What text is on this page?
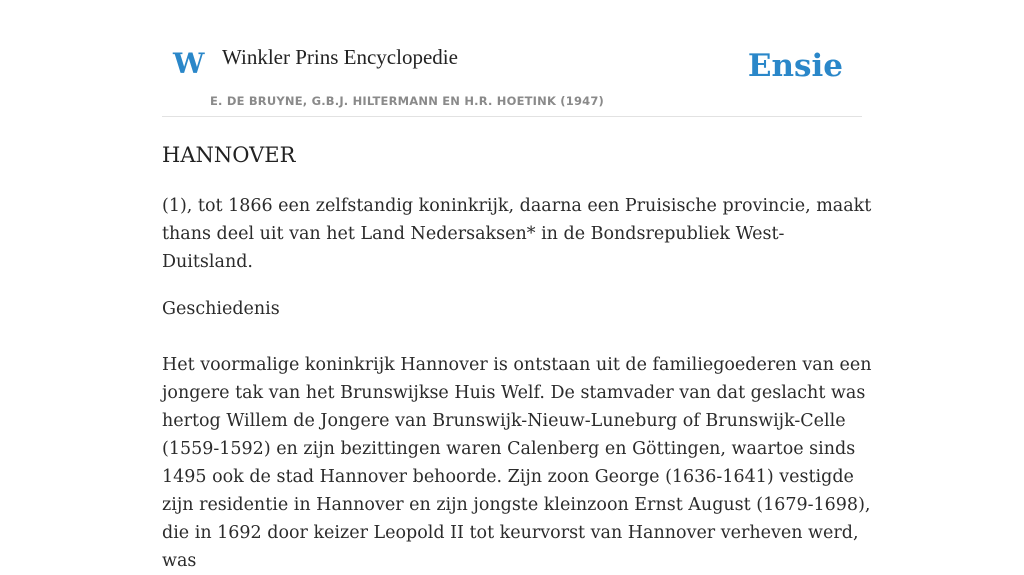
W Winkler Prins Encyclopedie
E. DE BRUYNE, G.B.J. HILTERMANN EN H.R. HOETINK (1947)
Ensie
HANNOVER

(1), tot 1866 een zelfstandig koninkrijk, daarna een Pruisische provincie, maakt thans deel uit van het Land Nedersaksen* in de Bondsrepubliek West-Duitsland.

Geschiedenis

Het voormalige koninkrijk Hannover is ontstaan uit de familiegoederen van een jongere tak van het Brunswijkse Huis Welf. De stamvader van dat geslacht was hertog Willem de Jongere van Brunswijk-Nieuw-Luneburg of Brunswijk-Celle (1559-1592) en zijn bezittingen waren Calenberg en Göttingen, waartoe sinds 1495 ook de stad Hannover behoorde. Zijn zoon George (1636-1641) vestigde zijn residentie in Hannover en zijn jongste kleinzoon Ernst August (1679-1698), die in 1692 door keizer Leopold II tot keurvorst van Hannover verheven werd, was
